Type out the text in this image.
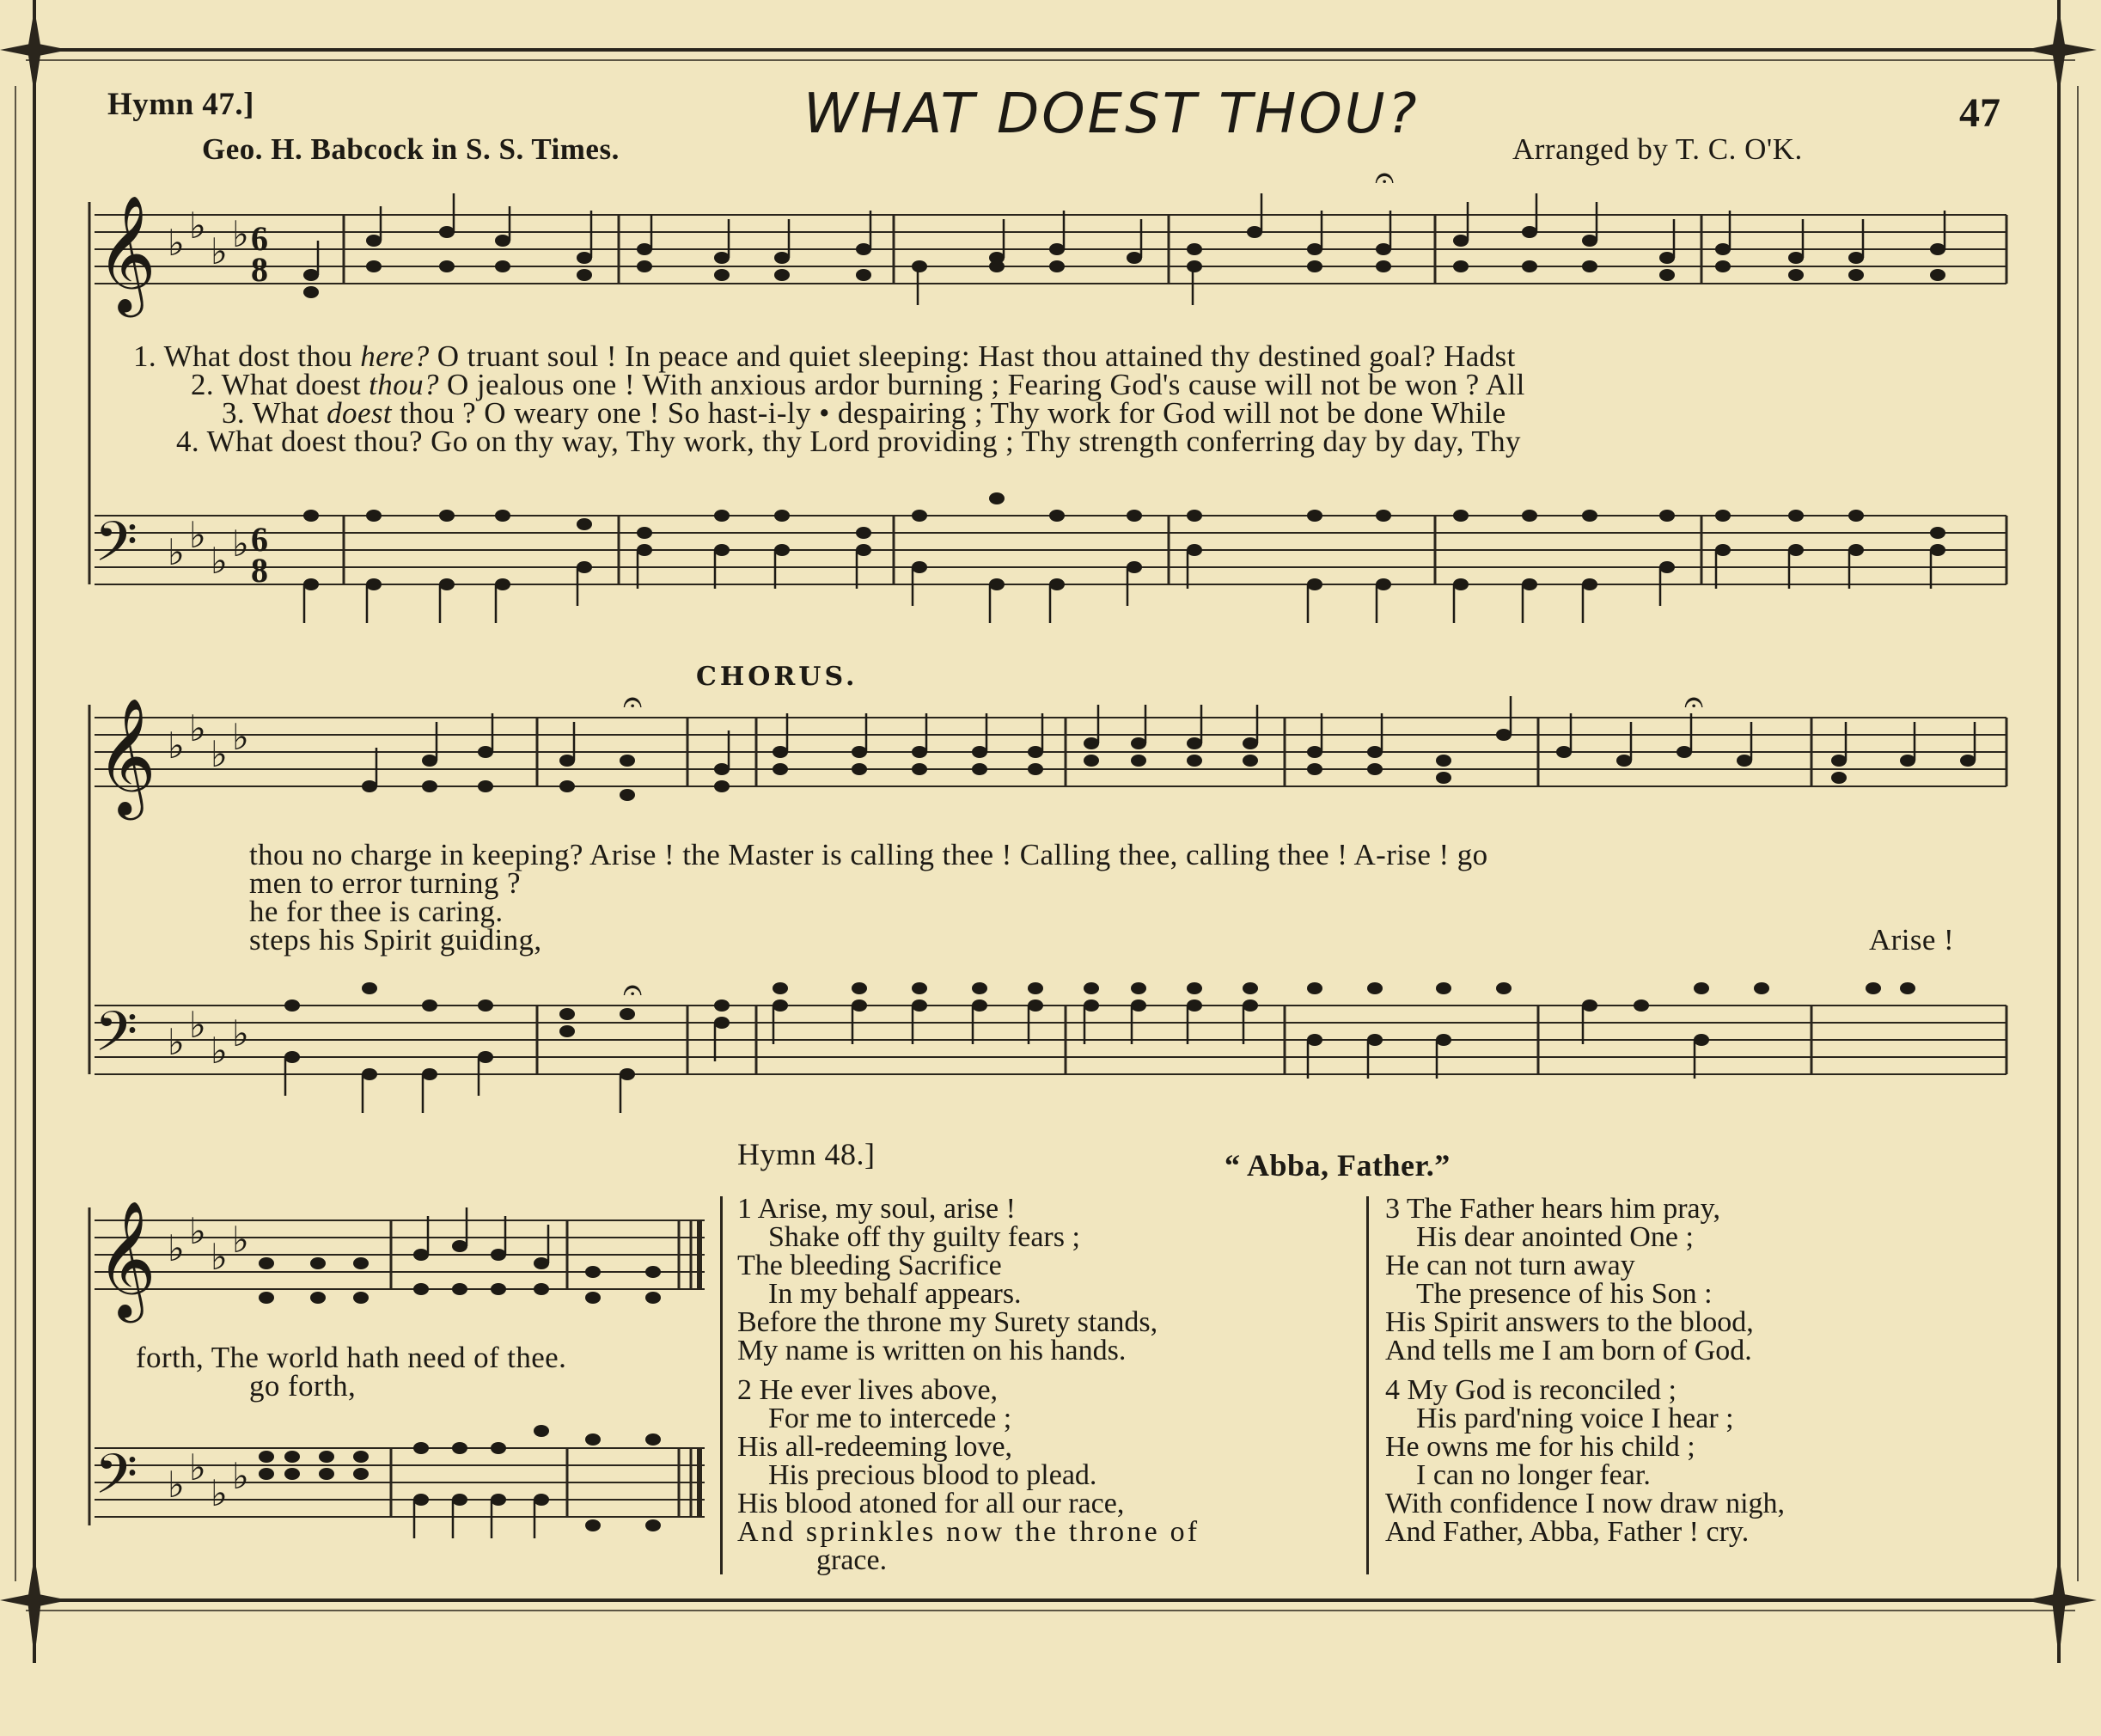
Hymn 47.]	WHAT DOEST THOU?	47
Geo. H. Babcock in S. S. Times.	Arranged by T. C. O'K.
𝄞 ♭ ♭
♭ ♭ 6
8
𝄐
1. What dost thou here? O truant soul ! In peace and quiet sleeping: Hast thou attained thy destined goal? Hadst
2. What doest thou? O jealous one ! With anxious ardor burning ; Fearing God's cause will not be won ? All
3. What doest thou ? O weary one ! So hast-i-ly • despairing ; Thy work for God will not be done While
4. What doest thou? Go on thy way, Thy work, thy Lord providing ; Thy strength conferring day by day, Thy
𝄢 ♭ ♭
♭ ♭ 6
8
CHORUS.
𝄞 ♭ ♭
♭ ♭
𝄐	𝄐
thou no charge in keeping? Arise ! the Master is calling thee ! Calling thee, calling thee ! A-rise ! go
men to error turning ?
he for thee is caring.
steps his Spirit guiding,	Arise !
𝄢 ♭ ♭
♭ ♭
𝄐
𝄞 ♭ ♭
♭ ♭
forth, The world hath need of thee.
go forth,
𝄢 ♭ ♭
♭ ♭
Hymn 48.]	“ Abba, Father.”
1 Arise, my soul, arise !
Shake off thy guilty fears ;
The bleeding Sacrifice
In my behalf appears.
Before the throne my Surety stands,
My name is written on his hands.
2 He ever lives above,
For me to intercede ;
His all-redeeming love,
His precious blood to plead.
His blood atoned for all our race,
And sprinkles now the throne of
grace.
3 The Father hears him pray,
His dear anointed One ;
He can not turn away
The presence of his Son :
His Spirit answers to the blood,
And tells me I am born of God.
4 My God is reconciled ;
His pard'ning voice I hear ;
He owns me for his child ;
I can no longer fear.
With confidence I now draw nigh,
And Father, Abba, Father ! cry.
